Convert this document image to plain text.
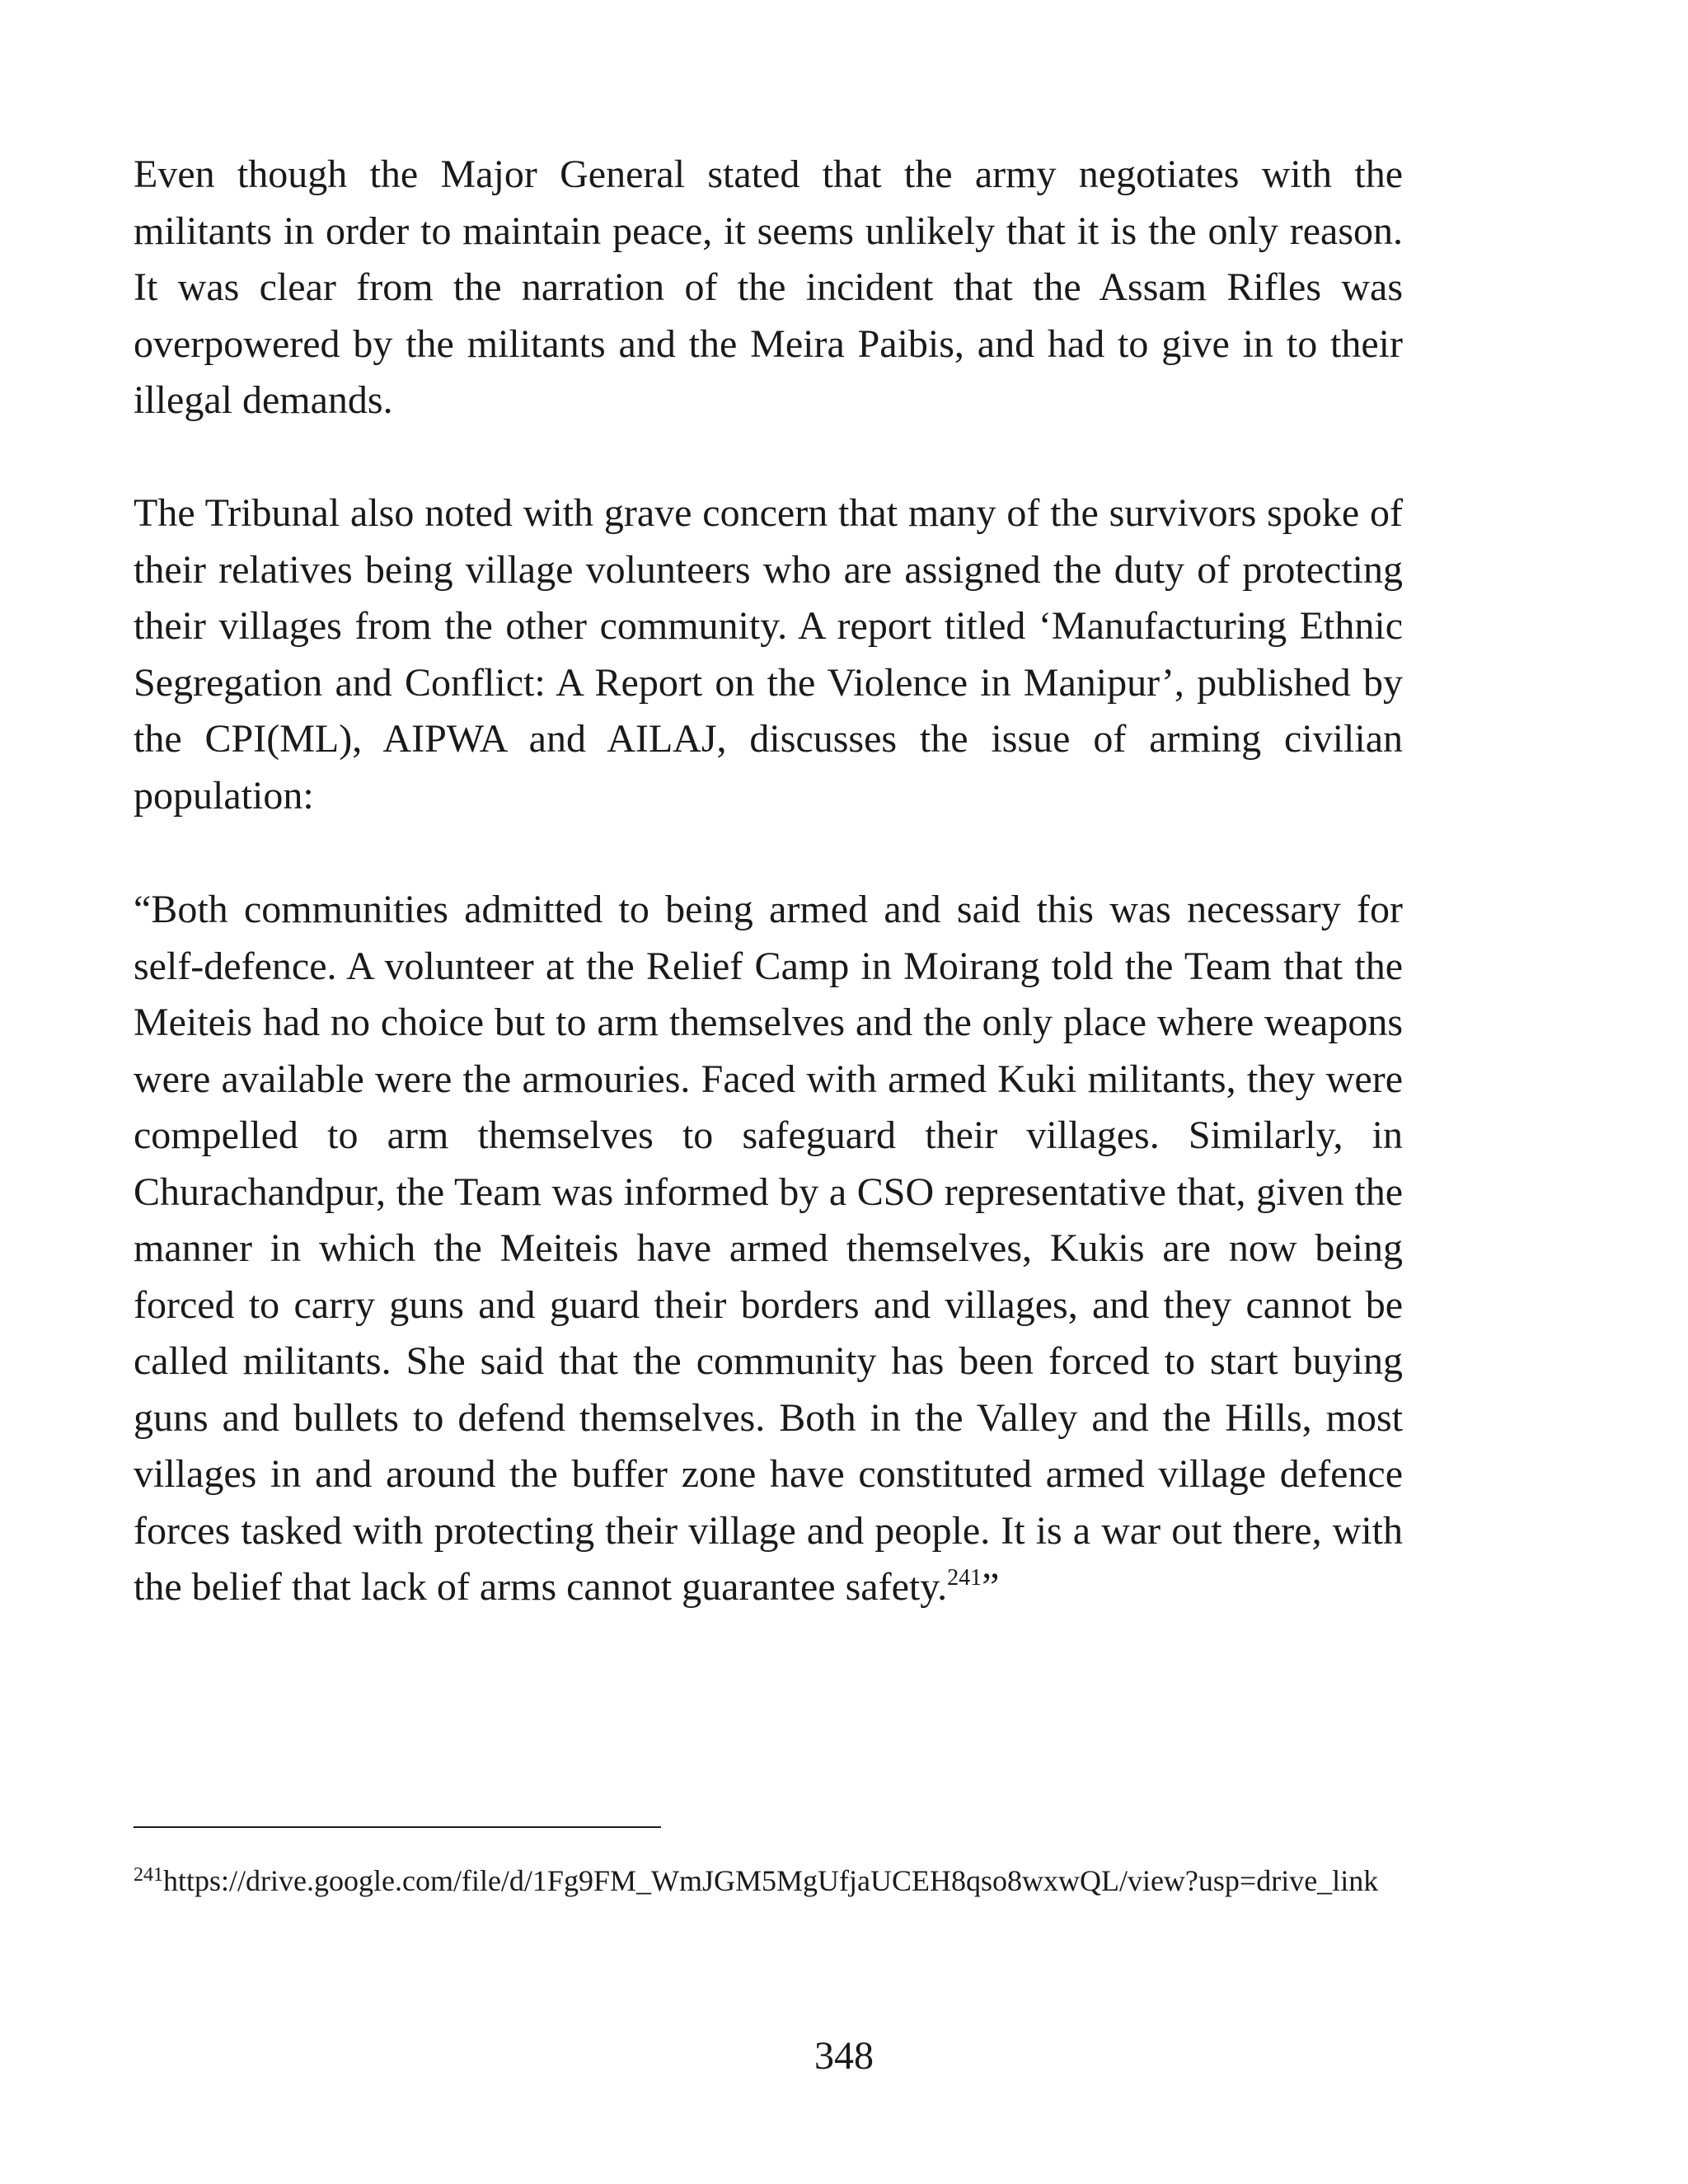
Even though the Major General stated that the army negotiates with the militants in order to maintain peace, it seems unlikely that it is the only reason. It was clear from the narration of the incident that the Assam Rifles was overpowered by the militants and the Meira Paibis, and had to give in to their illegal demands.

The Tribunal also noted with grave concern that many of the survivors spoke of their relatives being village volunteers who are assigned the duty of protecting their villages from the other community. A report titled ‘Manufacturing Ethnic Segregation and Conflict: A Report on the Violence in Manipur’, published by the CPI(ML), AIPWA and AILAJ, discusses the issue of arming civilian population:

“Both communities admitted to being armed and said this was necessary for self-defence. A volunteer at the Relief Camp in Moirang told the Team that the Meiteis had no choice but to arm themselves and the only place where weapons were available were the armouries. Faced with armed Kuki militants, they were compelled to arm themselves to safeguard their villages. Similarly, in Churachandpur, the Team was informed by a CSO representative that, given the manner in which the Meiteis have armed themselves, Kukis are now being forced to carry guns and guard their borders and villages, and they cannot be called militants. She said that the community has been forced to start buying guns and bullets to defend themselves. Both in the Valley and the Hills, most villages in and around the buffer zone have constituted armed village defence forces tasked with protecting their village and people. It is a war out there, with the belief that lack of arms cannot guarantee safety.$^{241}$”

$^{241}$https://drive.google.com/file/d/1Fg9FM_WmJGM5MgUfjaUCEH8qso8wxwQL/view?usp=drive_link

348
